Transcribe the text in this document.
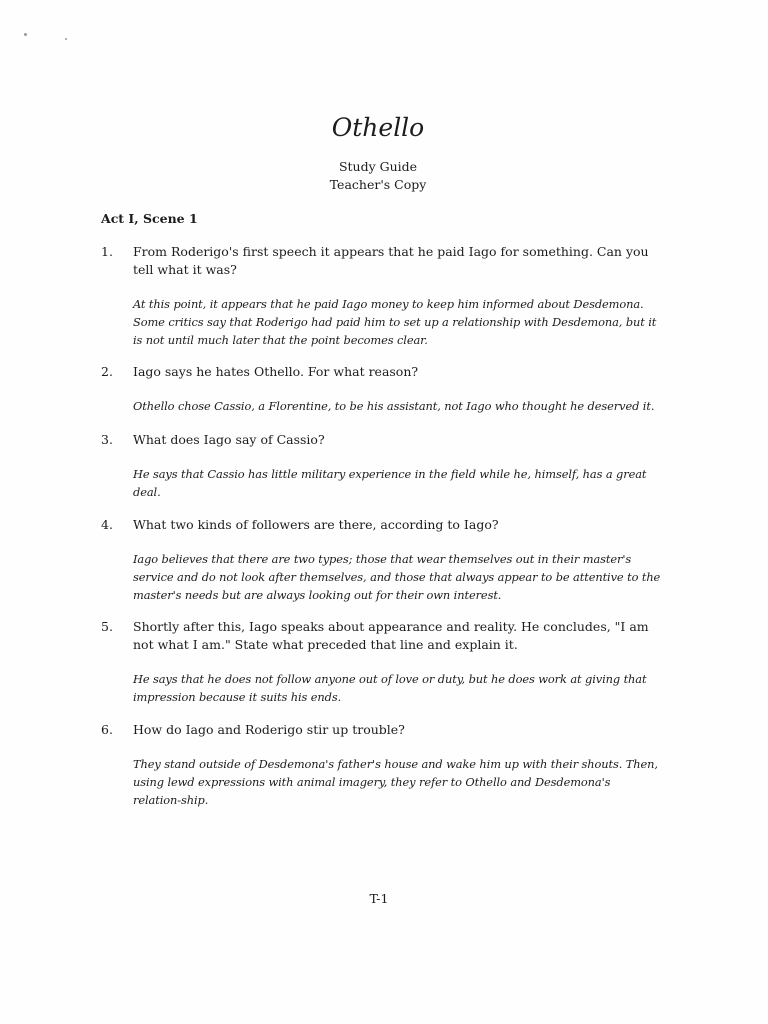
Othello
Study Guide
Teacher's Copy
Act I, Scene 1
1.	From Roderigo's first speech it appears that he paid Iago for something. Can you tell what it was?
At this point, it appears that he paid Iago money to keep him informed about Desdemona. Some critics say that Roderigo had paid him to set up a relationship with Desdemona, but it is not until much later that the point becomes clear.
2.	Iago says he hates Othello. For what reason?
Othello chose Cassio, a Florentine, to be his assistant, not Iago who thought he deserved it.
3.	What does Iago say of Cassio?
He says that Cassio has little military experience in the field while he, himself, has a great deal.
4.	What two kinds of followers are there, according to Iago?
Iago believes that there are two types; those that wear themselves out in their master's service and do not look after themselves, and those that always appear to be attentive to the master's needs but are always looking out for their own interest.
5.	Shortly after this, Iago speaks about appearance and reality. He concludes, "I am not what I am." State what preceded that line and explain it.
He says that he does not follow anyone out of love or duty, but he does work at giving that impression because it suits his ends.
6.	How do Iago and Roderigo stir up trouble?
They stand outside of Desdemona's father's house and wake him up with their shouts. Then, using lewd expressions with animal imagery, they refer to Othello and Desdemona's relation-ship.
T-1
